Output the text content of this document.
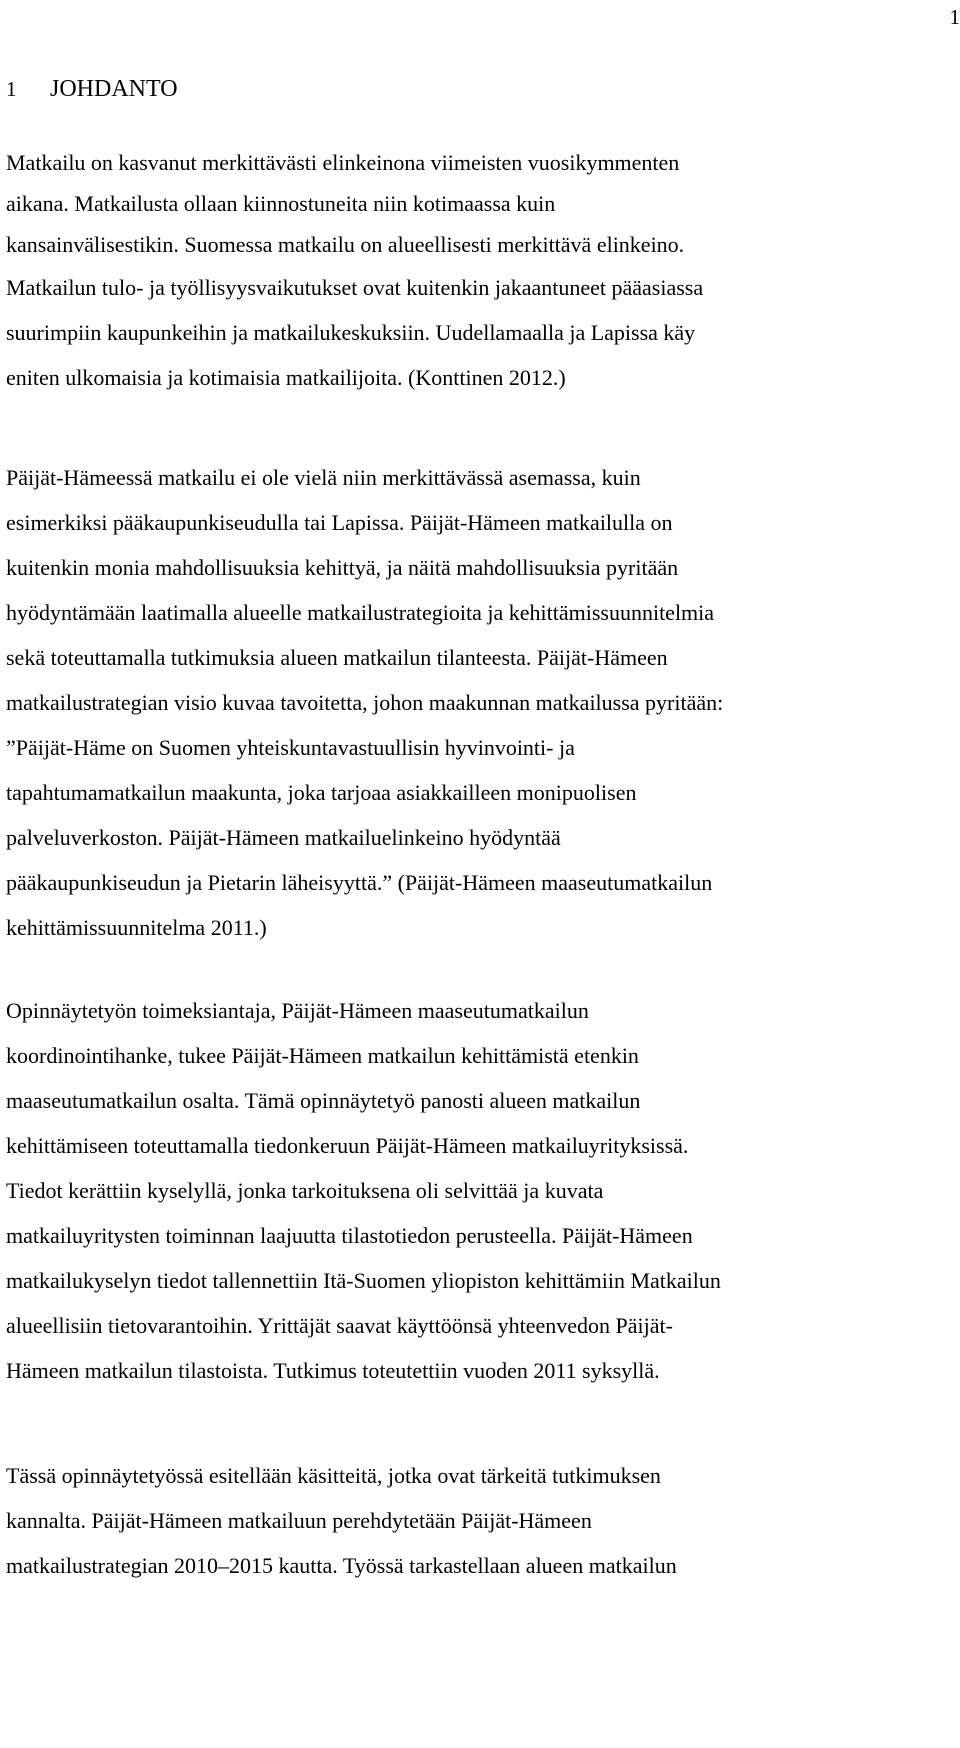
1
1 JOHDANTO
Matkailu on kasvanut merkittävästi elinkeinona viimeisten vuosikymmenten
aikana. Matkailusta ollaan kiinnostuneita niin kotimaassa kuin
kansainvälisestikin. Suomessa matkailu on alueellisesti merkittävä elinkeino.
Matkailun tulo- ja työllisyysvaikutukset ovat kuitenkin jakaantuneet pääasiassa
suurimpiin kaupunkeihin ja matkailukeskuksiin. Uudellamaalla ja Lapissa käy
eniten ulkomaisia ja kotimaisia matkailijoita. (Konttinen 2012.)
Päijät-Hämeessä matkailu ei ole vielä niin merkittävässä asemassa, kuin
esimerkiksi pääkaupunkiseudulla tai Lapissa. Päijät-Hämeen matkailulla on
kuitenkin monia mahdollisuuksia kehittyä, ja näitä mahdollisuuksia pyritään
hyödyntämään laatimalla alueelle matkailustrategioita ja kehittämissuunnitelmia
sekä toteuttamalla tutkimuksia alueen matkailun tilanteesta. Päijät-Hämeen
matkailustrategian visio kuvaa tavoitetta, johon maakunnan matkailussa pyritään:
”Päijät-Häme on Suomen yhteiskuntavastuullisin hyvinvointi- ja
tapahtumamatkailun maakunta, joka tarjoaa asiakkailleen monipuolisen
palveluverkoston. Päijät-Hämeen matkailuelinkeino hyödyntää
pääkaupunkiseudun ja Pietarin läheisyyttä.” (Päijät-Hämeen maaseutumatkailun
kehittämissuunnitelma 2011.)
Opinnäytetyön toimeksiantaja, Päijät-Hämeen maaseutumatkailun
koordinointihanke, tukee Päijät-Hämeen matkailun kehittämistä etenkin
maaseutumatkailun osalta. Tämä opinnäytetyö panosti alueen matkailun
kehittämiseen toteuttamalla tiedonkeruun Päijät-Hämeen matkailuyrityksissä.
Tiedot kerättiin kyselyllä, jonka tarkoituksena oli selvittää ja kuvata
matkailuyritysten toiminnan laajuutta tilastotiedon perusteella. Päijät-Hämeen
matkailukyselyn tiedot tallennettiin Itä-Suomen yliopiston kehittämiin Matkailun
alueellisiin tietovarantoihin. Yrittäjät saavat käyttöönsä yhteenvedon Päijät-
Hämeen matkailun tilastoista. Tutkimus toteutettiin vuoden 2011 syksyllä.
Tässä opinnäytetyössä esitellään käsitteitä, jotka ovat tärkeitä tutkimuksen
kannalta. Päijät-Hämeen matkailuun perehdytetään Päijät-Hämeen
matkailustrategian 2010–2015 kautta. Työssä tarkastellaan alueen matkailun
